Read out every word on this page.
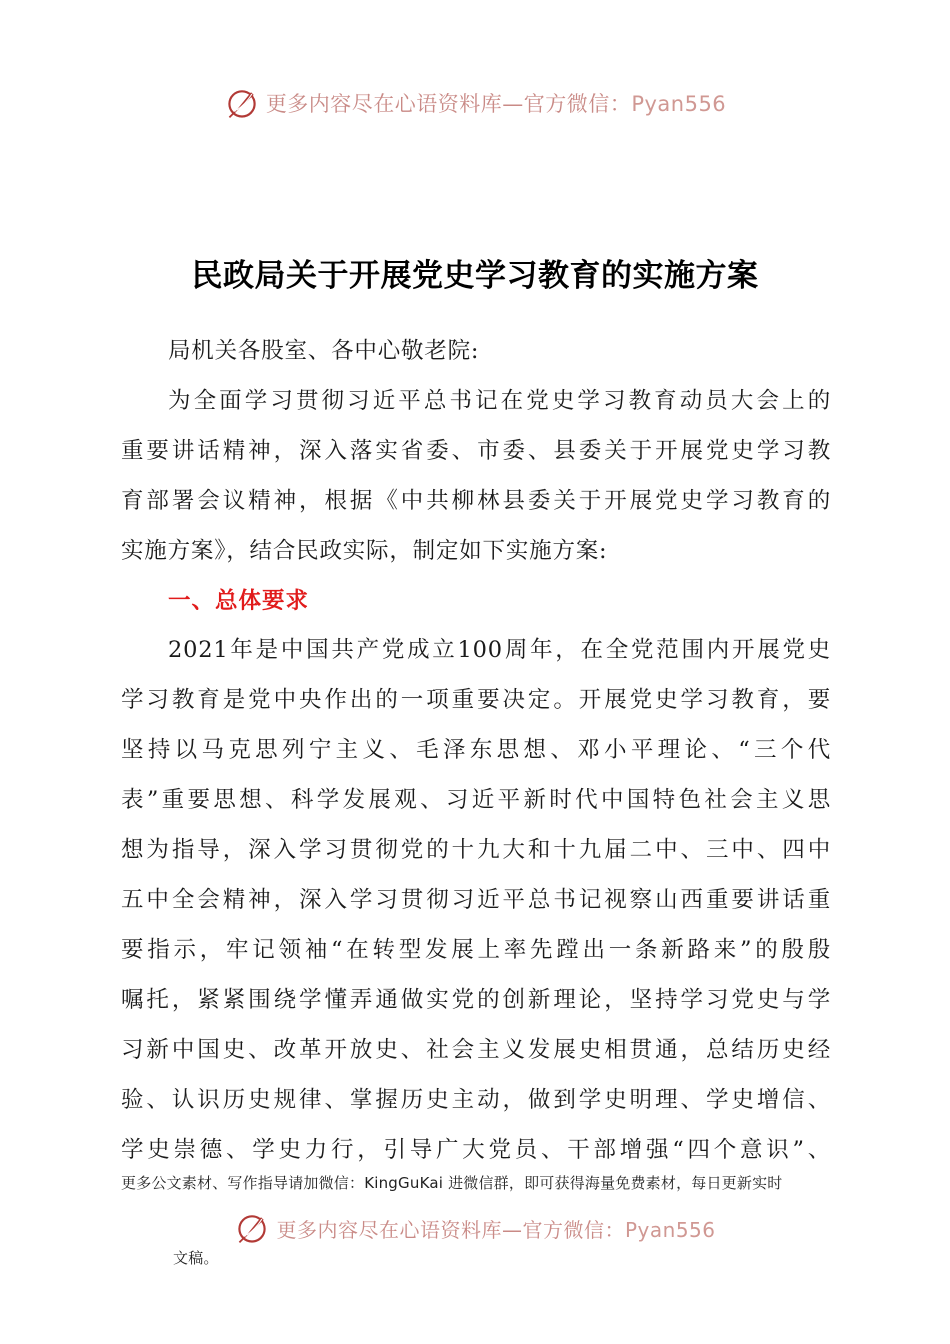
更多内容尽在心语资料库—官方微信：Pyan556
民政局关于开展党史学习教育的实施方案
局机关各股室、各中心敬老院:
为全面学习贯彻习近平总书记在党史学习教育动员大会上的
重要讲话精神，深入落实省委、市委、县委关于开展党史学习教
育部署会议精神，根据《中共柳林县委关于开展党史学习教育的
实施方案》，结合民政实际，制定如下实施方案:
一、总体要求
2021年是中国共产党成立100周年，在全党范围内开展党史
学习教育是党中央作出的一项重要决定。开展党史学习教育，要
坚持以马克思列宁主义、毛泽东思想、邓小平理论、“三个代
表”重要思想、科学发展观、习近平新时代中国特色社会主义思
想为指导，深入学习贯彻党的十九大和十九届二中、三中、四中
五中全会精神，深入学习贯彻习近平总书记视察山西重要讲话重
要指示，牢记领袖“在转型发展上率先蹚出一条新路来”的殷殷
嘱托，紧紧围绕学懂弄通做实党的创新理论，坚持学习党史与学
习新中国史、改革开放史、社会主义发展史相贯通，总结历史经
验、认识历史规律、掌握历史主动，做到学史明理、学史增信、
学史崇德、学史力行，引导广大党员、干部增强“四个意识”、
更多公文素材、写作指导请加微信：KingGuKai 进微信群，即可获得海量免费素材，每日更新实时
更多内容尽在心语资料库—官方微信：Pyan556
文稿。
